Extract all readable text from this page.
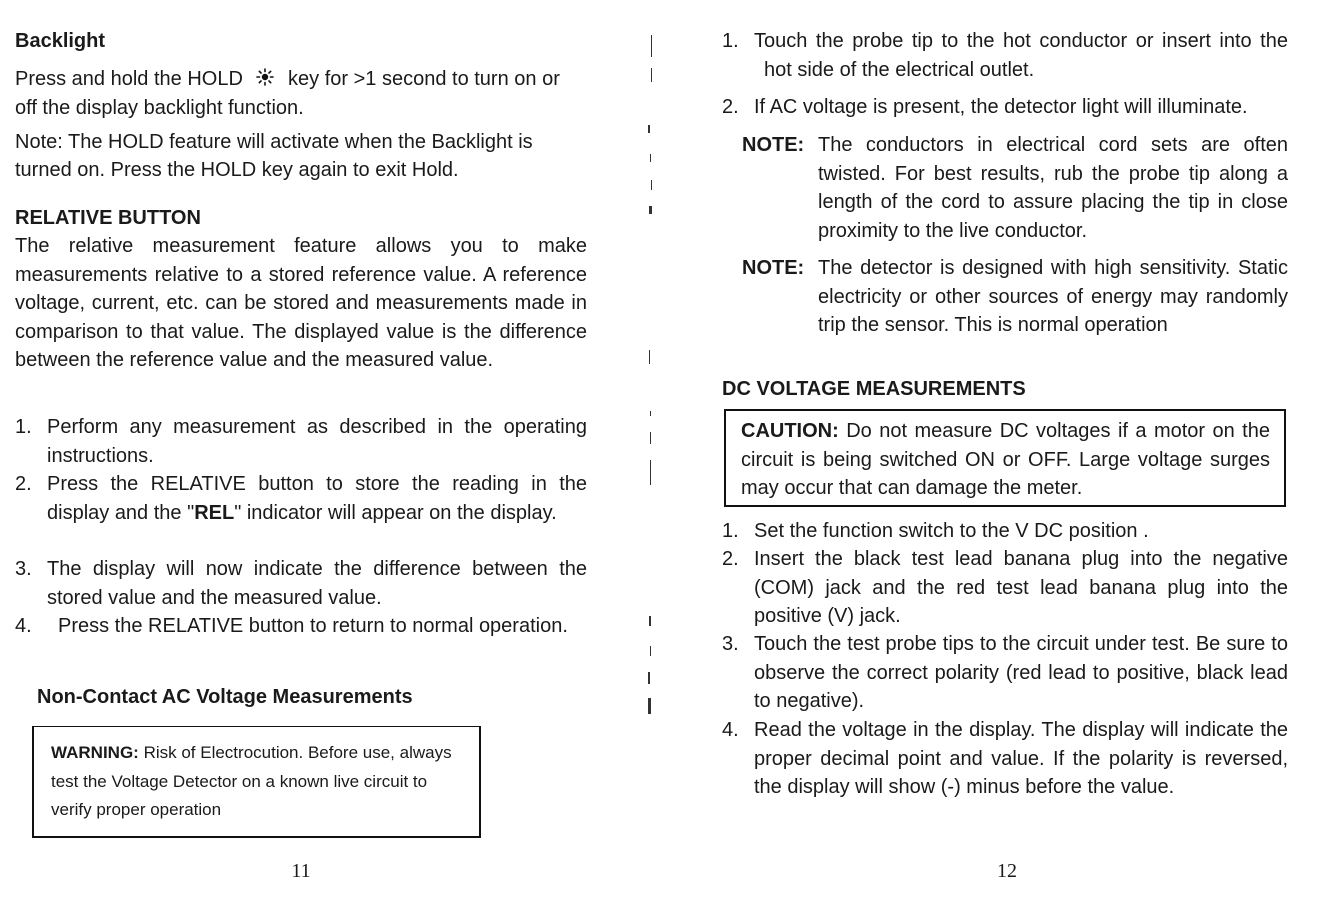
Backlight

Press and hold the HOLD key for >1 second to turn on or off the display backlight function.

Note: The HOLD feature will activate when the Backlight is turned on. Press the HOLD key again to exit Hold.

RELATIVE BUTTON

The relative measurement feature allows you to make measurements relative to a stored reference value. A reference voltage, current, etc. can be stored and measurements made in comparison to that value. The displayed value is the difference between the reference value and the measured value.

1. Perform any measurement as described in the operating instructions.
2. Press the RELATIVE button to store the reading in the display and the "REL" indicator will appear on the display.
3. The display will now indicate the difference between the stored value and the measured value.
4.	Press the RELATIVE button to return to normal operation.

Non-Contact AC Voltage Measurements

WARNING: Risk of Electrocution. Before use, always test the Voltage Detector on a known live circuit to verify proper operation
11
1. Touch the probe tip to the hot conductor or insert into the hot side of the electrical outlet.
2. If AC voltage is present, the detector light will illuminate.
NOTE: The conductors in electrical cord sets are often twisted. For best results, rub the probe tip along a length of the cord to assure placing the tip in close proximity to the live conductor.
NOTE: The detector is designed with high sensitivity. Static electricity or other sources of energy may randomly trip the sensor. This is normal operation

DC VOLTAGE MEASUREMENTS

CAUTION: Do not measure DC voltages if a motor on the circuit is being switched ON or OFF. Large voltage surges may occur that can damage the meter.
1. Set the function switch to the V DC position .
2. Insert the black test lead banana plug into the negative (COM) jack and the red test lead banana plug into the positive (V) jack.
3. Touch the test probe tips to the circuit under test. Be sure to observe the correct polarity (red lead to positive, black lead to negative).
4. Read the voltage in the display. The display will indicate the proper decimal point and value. If the polarity is reversed, the display will show (-) minus before the value.
12
